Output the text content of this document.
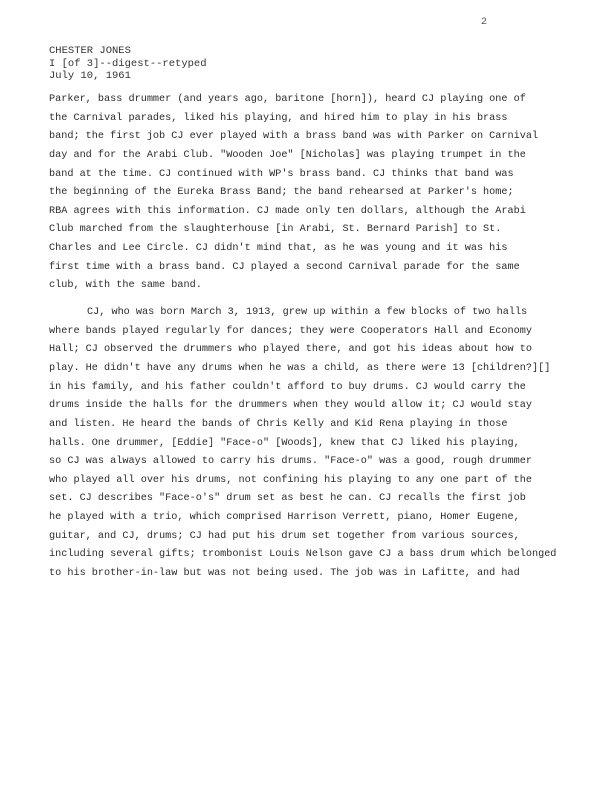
2
CHESTER JONES
I [of 3]--digest--retyped
July 10, 1961
Parker, bass drummer (and years ago, baritone [horn]), heard CJ playing one of
the Carnival parades, liked his playing, and hired him to play in his brass
band; the first job CJ ever played with a brass band was with Parker on Carnival
day and for the Arabi Club. "Wooden Joe" [Nicholas] was playing trumpet in the
band at the time. CJ continued with WP's brass band. CJ thinks that band was
the beginning of the Eureka Brass Band; the band rehearsed at Parker's home;
RBA agrees with this information. CJ made only ten dollars, although the Arabi
Club marched from the slaughterhouse [in Arabi, St. Bernard Parish] to St.
Charles and Lee Circle. CJ didn't mind that, as he was young and it was his
first time with a brass band. CJ played a second Carnival parade for the same
club, with the same band.
CJ, who was born March 3, 1913, grew up within a few blocks of two halls
where bands played regularly for dances; they were Cooperators Hall and Economy
Hall; CJ observed the drummers who played there, and got his ideas about how to
play. He didn't have any drums when he was a child, as there were 13 [children?][]
in his family, and his father couldn't afford to buy drums. CJ would carry the
drums inside the halls for the drummers when they would allow it; CJ would stay
and listen. He heard the bands of Chris Kelly and Kid Rena playing in those
halls. One drummer, [Eddie] "Face-o" [Woods], knew that CJ liked his playing,
so CJ was always allowed to carry his drums. "Face-o" was a good, rough drummer
who played all over his drums, not confining his playing to any one part of the
set. CJ describes "Face-o's" drum set as best he can. CJ recalls the first job
he played with a trio, which comprised Harrison Verrett, piano, Homer Eugene,
guitar, and CJ, drums; CJ had put his drum set together from various sources,
including several gifts; trombonist Louis Nelson gave CJ a bass drum which belonged
to his brother-in-law but was not being used. The job was in Lafitte, and had
